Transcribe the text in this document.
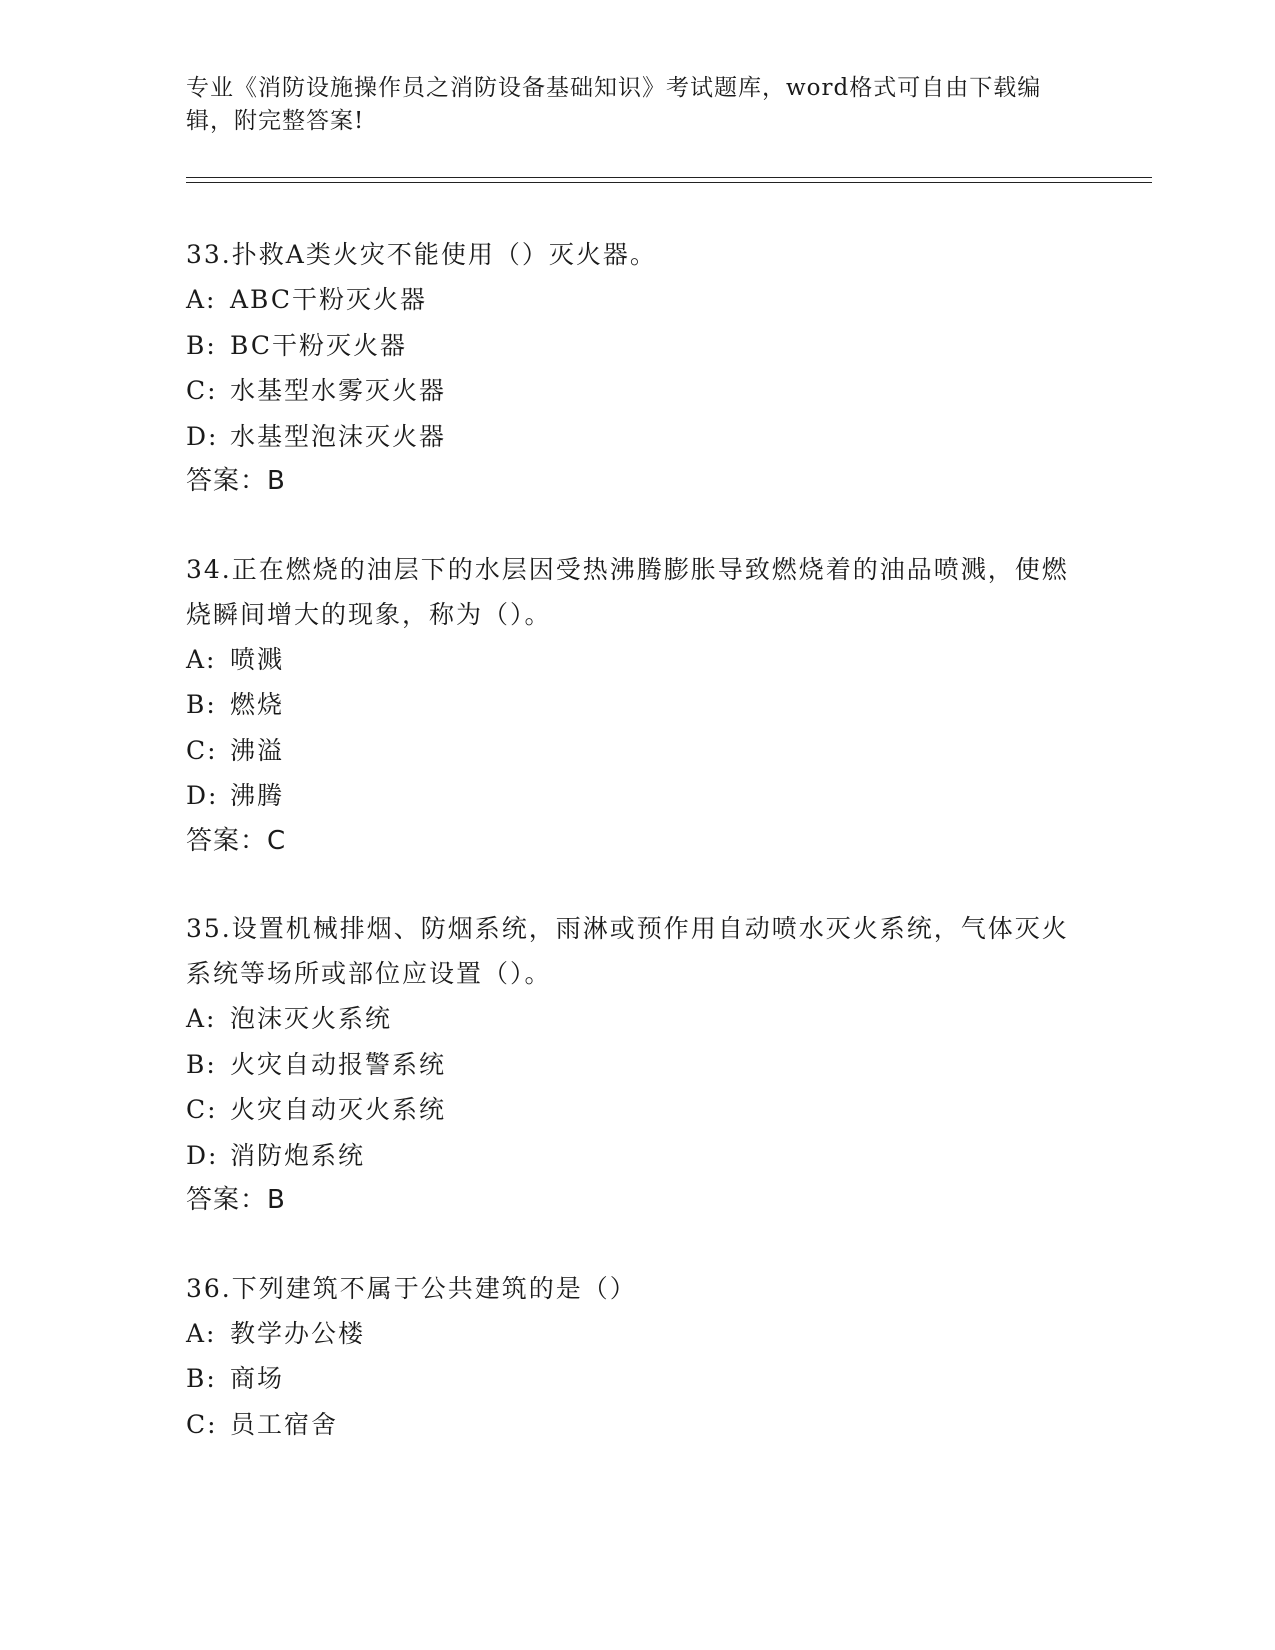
专业《消防设施操作员之消防设备基础知识》考试题库，word格式可自由下载编辑，附完整答案!

33.扑救A类火灾不能使用（）灭火器。

A: ABC干粉灭火器

B: BC干粉灭火器

C: 水基型水雾灭火器

D: 水基型泡沫灭火器

答案：B

34.正在燃烧的油层下的水层因受热沸腾膨胀导致燃烧着的油品喷溅，使燃烧瞬间增大的现象，称为（）。

A: 喷溅

B: 燃烧

C: 沸溢

D: 沸腾

答案：C

35.设置机械排烟、防烟系统，雨淋或预作用自动喷水灭火系统，气体灭火系统等场所或部位应设置（）。

A: 泡沫灭火系统

B: 火灾自动报警系统

C: 火灾自动灭火系统

D: 消防炮系统

答案：B

36.下列建筑不属于公共建筑的是（）

A: 教学办公楼

B: 商场

C: 员工宿舍
